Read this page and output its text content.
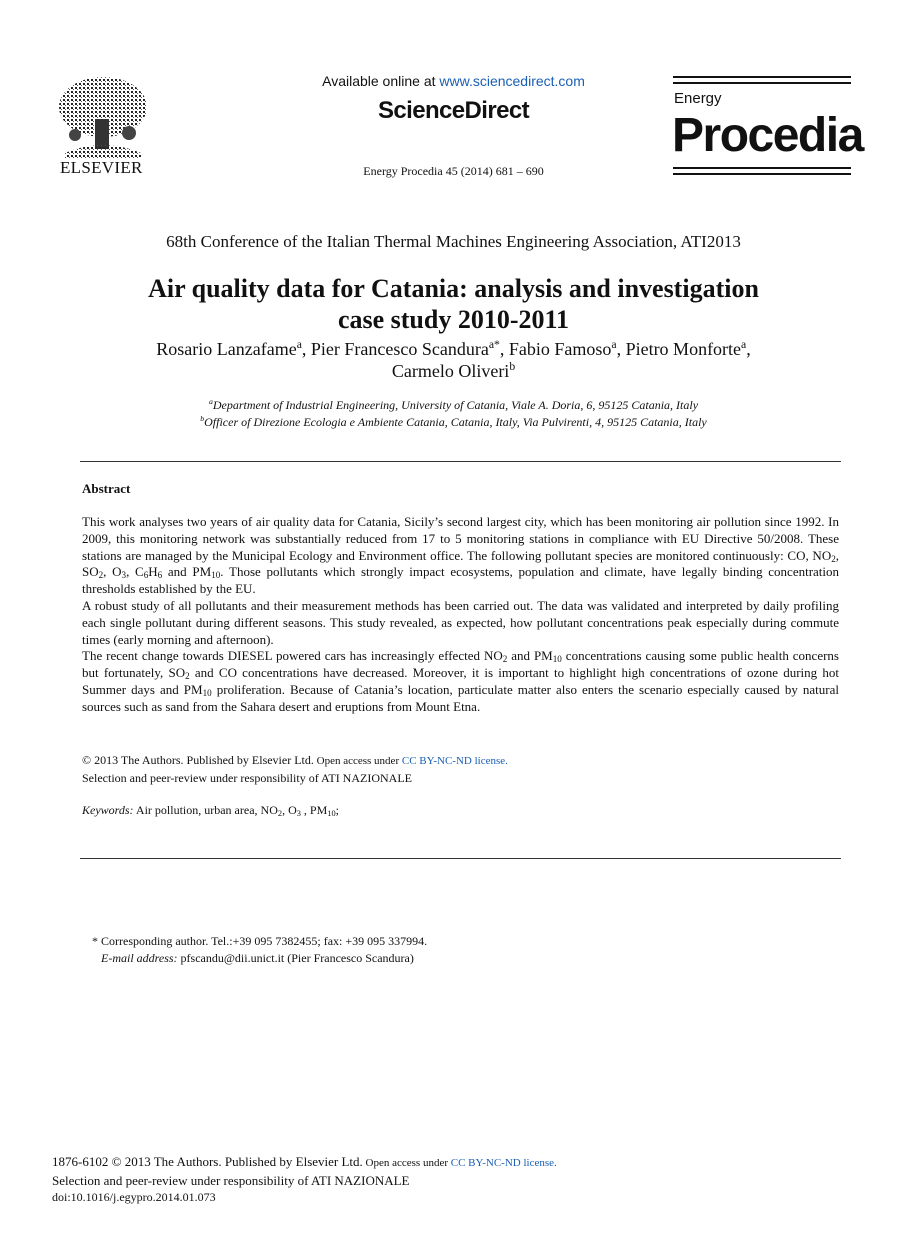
ELSEVIER
Available online at www.sciencedirect.com
ScienceDirect
Energy Procedia 45 (2014) 681 – 690
Energy
Procedia
68th Conference of the Italian Thermal Machines Engineering Association, ATI2013
Air quality data for Catania: analysis and investigation
case study 2010-2011
Rosario Lanzafame$^a$, Pier Francesco Scandura$^{a*}$, Fabio Famoso$^a$, Pietro Monforte$^a$,
Carmelo Oliveri$^b$
$^a$Department of Industrial Engineering, University of Catania, Viale A. Doria, 6, 95125 Catania, Italy
$^b$Officer of Direzione Ecologia e Ambiente Catania, Catania, Italy, Via Pulvirenti, 4, 95125 Catania, Italy
Abstract

This work analyses two years of air quality data for Catania, Sicily’s second largest city, which has been monitoring air pollution since 1992. In 2009, this monitoring network was substantially reduced from 17 to 5 monitoring stations in compliance with EU Directive 50/2008. These stations are managed by the Municipal Ecology and Environment office. The following pollutant species are monitored continuously: CO, $NO_2$, $SO_2$, $O_3$, $C_6H_6$ and $PM_{10}$. Those pollutants which strongly impact ecosystems, population and climate, have legally binding concentration thresholds established by the EU.

A robust study of all pollutants and their measurement methods has been carried out. The data was validated and interpreted by daily profiling each single pollutant during different seasons. This study revealed, as expected, how pollutant concentrations peak especially during commute times (early morning and afternoon).

The recent change towards DIESEL powered cars has increasingly effected $NO_2$ and $PM_{10}$ concentrations causing some public health concerns but fortunately, $SO_2$ and CO concentrations have decreased. Moreover, it is important to highlight high concentrations of ozone during hot Summer days and $PM_{10}$ proliferation. Because of Catania’s location, particulate matter also enters the scenario especially caused by natural sources such as sand from the Sahara desert and eruptions from Mount Etna.

© 2013 The Authors. Published by Elsevier Ltd. Open access under CC BY-NC-ND license.
Selection and peer-review under responsibility of ATI NAZIONALE
Keywords: Air pollution, urban area, $NO_2$, $O_3$ , $PM_{10}$;
* Corresponding author. Tel.:+39 095 7382455; fax: +39 095 337994.
E-mail address: pfscandu@dii.unict.it (Pier Francesco Scandura)
1876-6102 © 2013 The Authors. Published by Elsevier Ltd. Open access under CC BY-NC-ND license.
Selection and peer-review under responsibility of ATI NAZIONALE
doi:10.1016/j.egypro.2014.01.073
